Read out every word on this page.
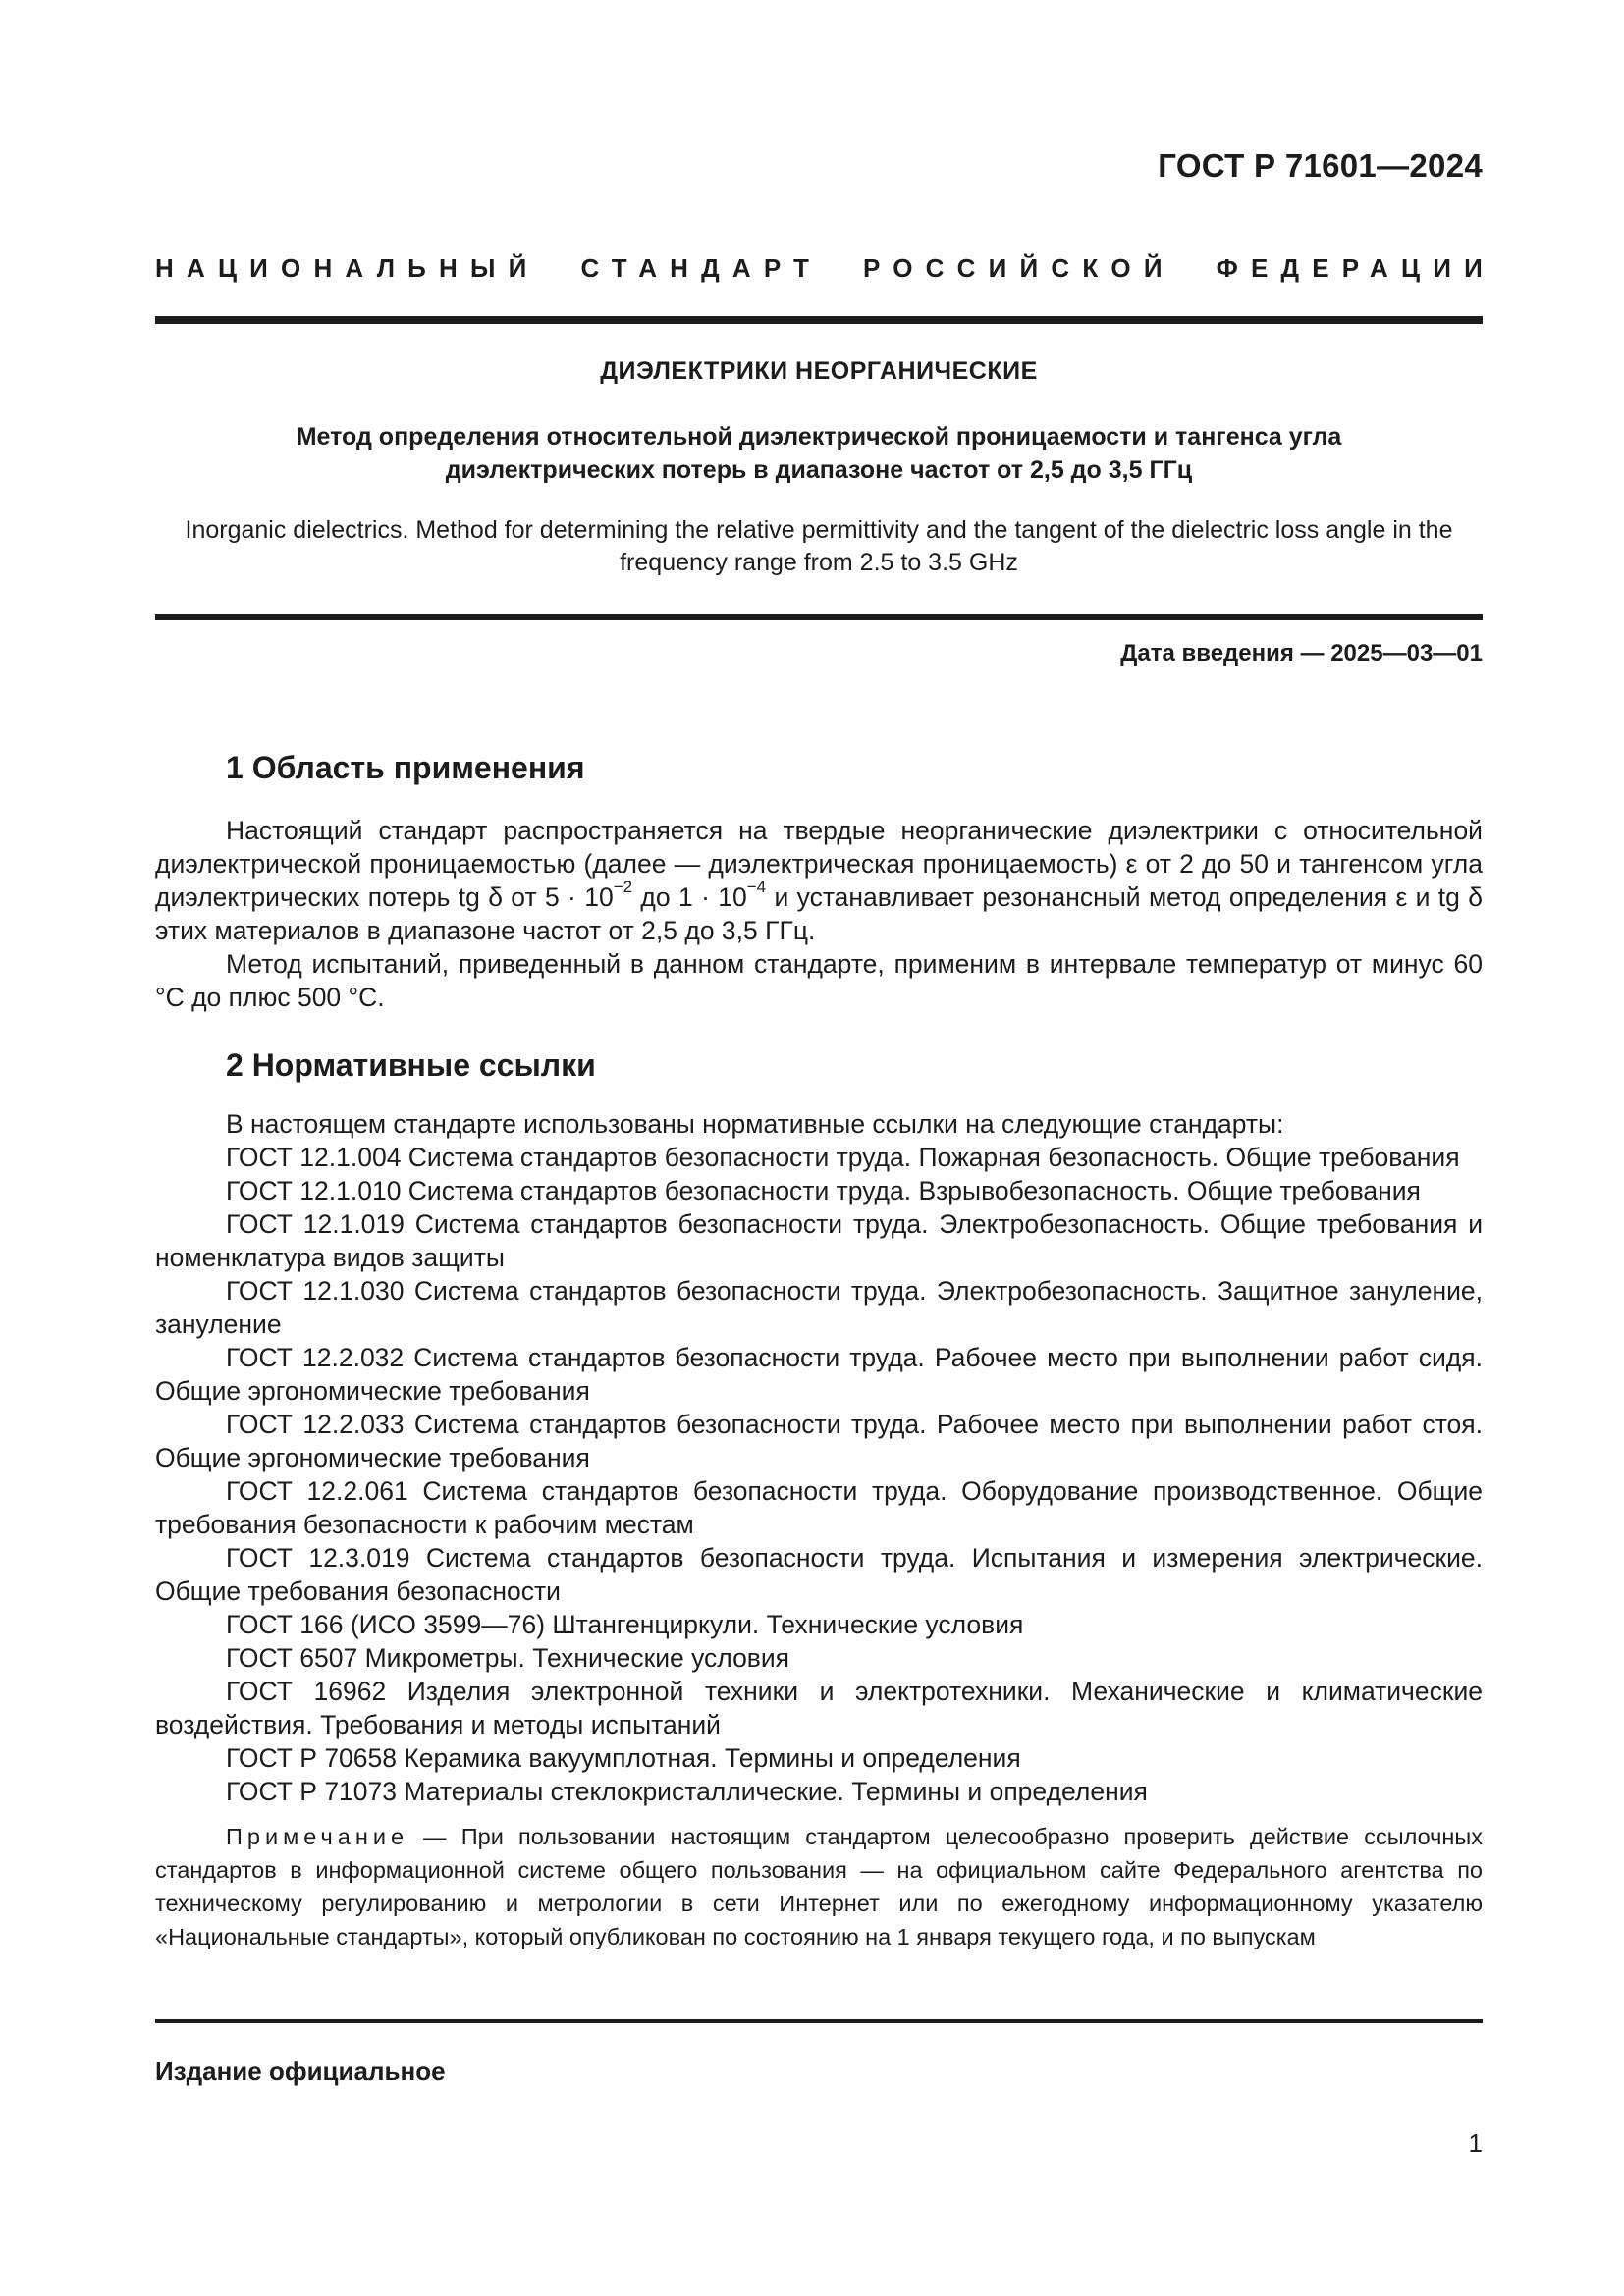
ГОСТ Р 71601—2024
НАЦИОНАЛЬНЫЙ СТАНДАРТ РОССИЙСКОЙ ФЕДЕРАЦИИ
ДИЭЛЕКТРИКИ НЕОРГАНИЧЕСКИЕ
Метод определения относительной диэлектрической проницаемости и тангенса угла
диэлектрических потерь в диапазоне частот от 2,5 до 3,5 ГГц
Inorganic dielectrics. Method for determining the relative permittivity and the tangent of the dielectric loss angle in the
frequency range from 2.5 to 3.5 GHz
Дата введения — 2025—03—01
1 Область применения

Настоящий стандарт распространяется на твердые неорганические диэлектрики с относительной диэлектрической проницаемостью (далее — диэлектрическая проницаемость) ε от 2 до 50 и тангенсом угла диэлектрических потерь tg δ от $5 \cdot 10^{-2}$ до $1 \cdot 10^{-4}$ и устанавливает резонансный метод определения ε и tg δ этих материалов в диапазоне частот от 2,5 до 3,5 ГГц.

Метод испытаний, приведенный в данном стандарте, применим в интервале температур от минус 60 °С до плюс 500 °С.

2 Нормативные ссылки

В настоящем стандарте использованы нормативные ссылки на следующие стандарты:

ГОСТ 12.1.004 Система стандартов безопасности труда. Пожарная безопасность. Общие требования

ГОСТ 12.1.010 Система стандартов безопасности труда. Взрывобезопасность. Общие требования

ГОСТ 12.1.019 Система стандартов безопасности труда. Электробезопасность. Общие требования и номенклатура видов защиты

ГОСТ 12.1.030 Система стандартов безопасности труда. Электробезопасность. Защитное зануление, зануление

ГОСТ 12.2.032 Система стандартов безопасности труда. Рабочее место при выполнении работ сидя. Общие эргономические требования

ГОСТ 12.2.033 Система стандартов безопасности труда. Рабочее место при выполнении работ стоя. Общие эргономические требования

ГОСТ 12.2.061 Система стандартов безопасности труда. Оборудование производственное. Общие требования безопасности к рабочим местам

ГОСТ 12.3.019 Система стандартов безопасности труда. Испытания и измерения электрические. Общие требования безопасности

ГОСТ 166 (ИСО 3599—76) Штангенциркули. Технические условия

ГОСТ 6507 Микрометры. Технические условия

ГОСТ 16962 Изделия электронной техники и электротехники. Механические и климатические воздействия. Требования и методы испытаний

ГОСТ Р 70658 Керамика вакуумплотная. Термины и определения

ГОСТ Р 71073 Материалы стеклокристаллические. Термины и определения

Примечание — При пользовании настоящим стандартом целесообразно проверить действие ссылочных стандартов в информационной системе общего пользования — на официальном сайте Федерального агентства по техническому регулированию и метрологии в сети Интернет или по ежегодному информационному указателю «Национальные стандарты», который опубликован по состоянию на 1 января текущего года, и по выпускам

Издание официальное
1
